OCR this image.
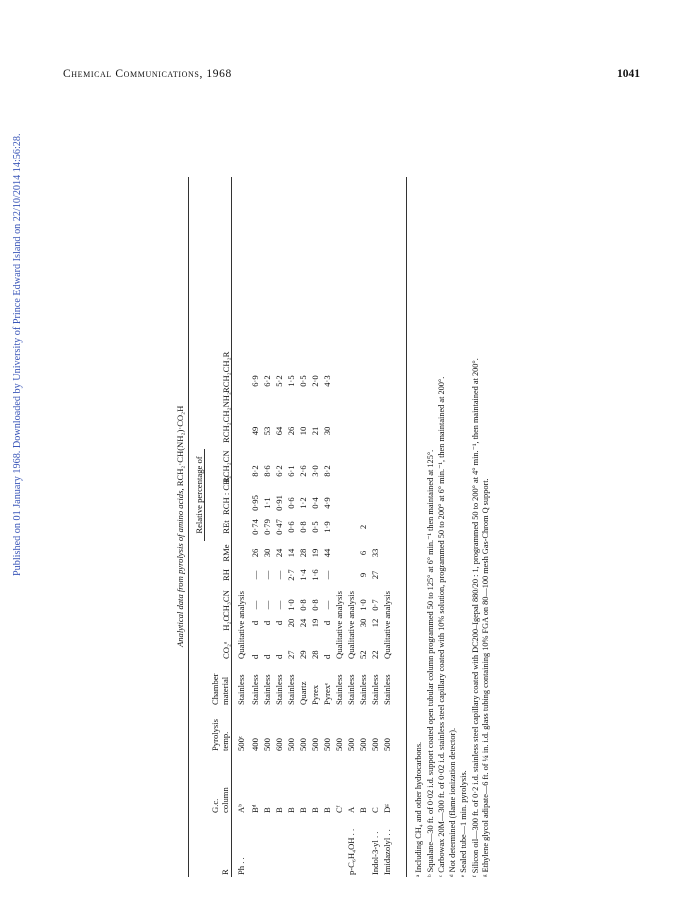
Published on 01 January 1968. Downloaded by University of Prince Edward Island on 22/10/2014 14:56:28.
Chemical Communications, 1968	1041
Analytical data from pyrolysis of amino acids, RCH₂·CH(NH₂)·CO₂H
Relative percentage of

R
G.c.
column
Pyrolysis
temp.
Chamber
material
CO₂ᵃ
H₂O
CH₃CN
RH
RMe
REt
RCH : CH₂
RCH₂CN
RCH₂CH₂NH₂
RCH₂CH₂R
Ph . .
Aᵇ
500ᶜ
Stainless
Qualitative analysis
Bᵈ
400
Stainless
d
d
—
—
26
0·74
0·95
8·2
49
6·9
B
500
Stainless
d
d
—
—
30
0·79
1·1
8·6
53
6·2
B
600
Stainless
d
d
—
—
24
0·47
0·91
6·2
64
5·2
B
500
Stainless
27
20
1·0
2·7
14
0·6
0·6
6·1
26
1·5
B
500
Quartz
29
24
0·8
1·4
28
0·8
1·2
2·6
10
0·5
B
500
Pyrex
28
19
0·8
1·6
19
0·5
0·4
3·0
21
2·0
B
500
Pyrexᵉ
d
d
—
—
44
1·9
4·9
8·2
30
4·3
Cᶠ
500
Stainless
Qualitative analysis
p-C₆H₄OH . .
A
500
Stainless
Qualitative analysis
B
500
Stainless
52
30
1·0
9
6
2
Indol-3-yl . .
C
500
Stainless
22
12
0·7
27
33
Imidazolyl . .
Dᵍ
500
Stainless
Qualitative analysis
ᵃ Including CH₄ and other hydrocarbons. ᵇ Squalane—30 ft. of 0·02 i.d. support coated open tubular column programmed 50 to 125° at 6° min.⁻¹ then maintained at 125°. ᶜ Carbowax 20M—300 ft. of 0·02 i.d. stainless steel capillary coated with 10% solution, programmed 50 to 200° at 6° min.⁻¹, then maintained at 200°. ᵈ Not determined (flame ionization detector). ᵉ Sealed tube—1 min. pyrolysis. ᶠ Silicon oil—300 ft. of 0·2 i.d. stainless steel capillary coated with DC200–Igepal 880/20 : 1, programmed 50 to 200° at 4° min.⁻¹, then maintained at 200°. ᵍ Ethylene glycol adipate—6 ft. of ¼ in. i.d. glass tubing containing 10% FGA on 80—100 mesh Gas-Chrom Q support.
